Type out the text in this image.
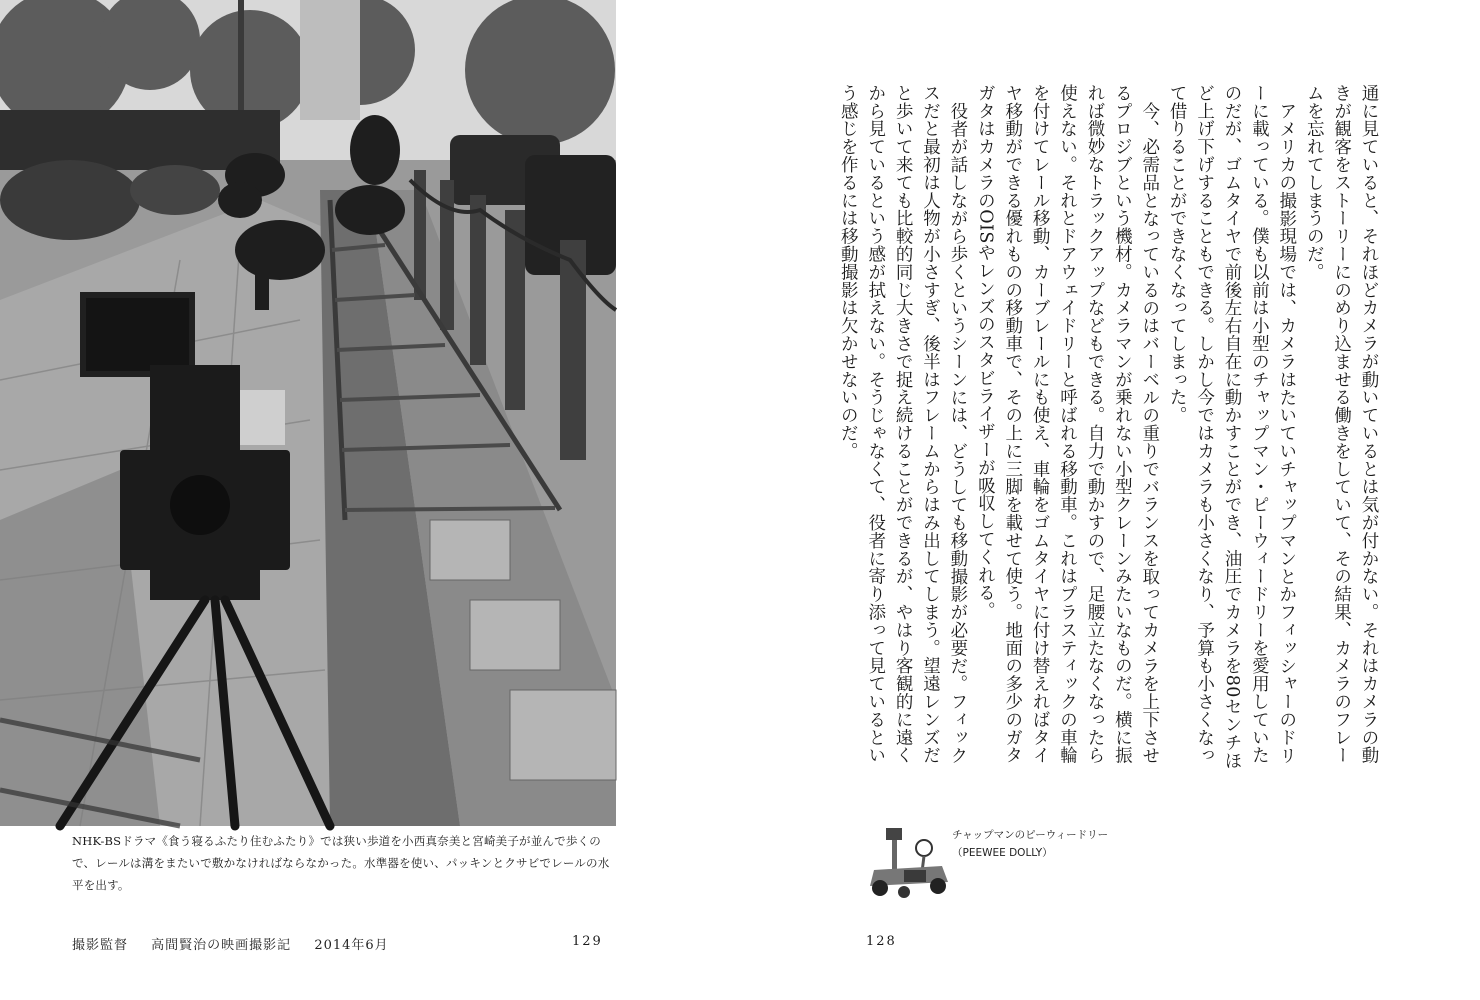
NHK-BSドラマ《食う寝るふたり住むふたり》では狭い歩道を小西真奈美と宮崎美子が並んで歩くので、レールは溝をまたいで敷かなければならなかった。水準器を使い、パッキンとクサビでレールの水平を出す。

撮影監督 高間賢治の映画撮影記 2014年6月	129

通に見ていると、それほどカメラが動いているとは気が付かない。それはカメラの動きが観客をストーリーにのめり込ませる働きをしていて、その結果、カメラのフレームを忘れてしまうのだ。

アメリカの撮影現場では、カメラはたいていチャップマンとかフィッシャーのドリーに載っている。僕も以前は小型のチャップマン・ピーウィードリーを愛用していたのだが、ゴムタイヤで前後左右自在に動かすことができ、油圧でカメラを80センチほど上げ下げすることもできる。しかし今ではカメラも小さくなり、予算も小さくなって借りることができなくなってしまった。

今、必需品となっているのはバーベルの重りでバランスを取ってカメラを上下させるプロジブという機材。カメラマンが乗れない小型クレーンみたいなものだ。横に振れば微妙なトラックアップなどもできる。自力で動かすので、足腰立たなくなったら使えない。それとドアウェイドリーと呼ばれる移動車。これはプラスティックの車輪を付けてレール移動、カーブレールにも使え、車輪をゴムタイヤに付け替えればタイヤ移動ができる優れものの移動車で、その上に三脚を載せて使う。地面の多少のガタガタはカメラのOISやレンズのスタビライザーが吸収してくれる。

役者が話しながら歩くというシーンには、どうしても移動撮影が必要だ。フィックスだと最初は人物が小さすぎ、後半はフレームからはみ出してしまう。望遠レンズだと歩いて来ても比較的同じ大きさで捉え続けることができるが、やはり客観的に遠くから見ているという感が拭えない。そうじゃなくて、役者に寄り添って見ているという感じを作るには移動撮影は欠かせないのだ。

チャップマンのピーウィードリー
（PEEWEE DOLLY）
128
